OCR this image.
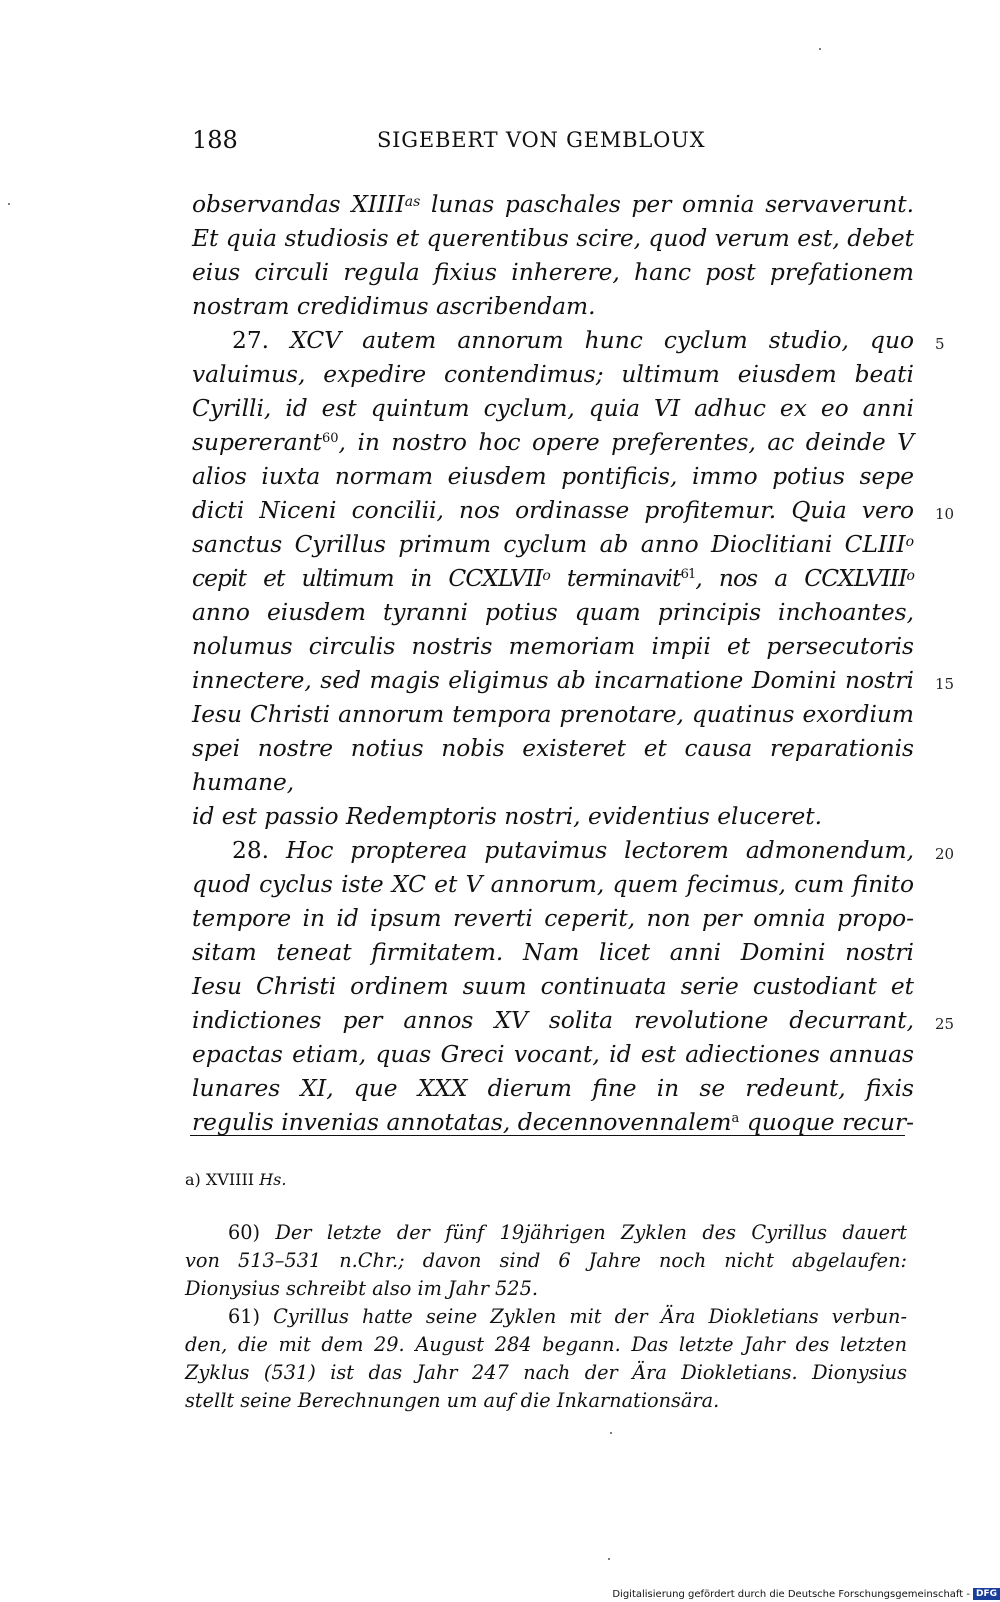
188	SIGEBERT VON GEMBLOUX

observandas $XIIII^{as}$ lunas paschales per omnia servaverunt.

Et quia studiosis et querentibus scire, quod verum est, debet

eius circuli regula fixius inherere, hanc post prefationem

nostram credidimus ascribendam.

27. XCV autem annorum hunc cyclum studio, quo

valuimus, expedire contendimus; ultimum eiusdem beati

Cyrilli, id est quintum cyclum, quia VI adhuc ex eo anni

supererant$^{60}$, in nostro hoc opere preferentes, ac deinde V

alios iuxta normam eiusdem pontificis, immo potius sepe

dicti Niceni concilii, nos ordinasse profitemur. Quia vero

sanctus Cyrillus primum cyclum ab anno Dioclitiani CLIII$^o$

cepit et ultimum in CCXLVII$^o$ terminavit$^{61}$, nos a CCXLVIII$^o$

anno eiusdem tyranni potius quam principis inchoantes,

nolumus circulis nostris memoriam impii et persecutoris

innectere, sed magis eligimus ab incarnatione Domini nostri

Iesu Christi annorum tempora prenotare, quatinus exordium

spei nostre notius nobis existeret et causa reparationis humane,

id est passio Redemptoris nostri, evidentius eluceret.

28. Hoc propterea putavimus lectorem admonendum,

quod cyclus iste XC et V annorum, quem fecimus, cum finito

tempore in id ipsum reverti ceperit, non per omnia propo-

sitam teneat firmitatem. Nam licet anni Domini nostri

Iesu Christi ordinem suum continuata serie custodiant et

indictiones per annos XV solita revolutione decurrant,

epactas etiam, quas Greci vocant, id est adiectiones annuas

lunares XI, que XXX dierum fine in se redeunt, fixis

regulis invenias annotatas, decennovennalem$^a$ quoque recur-

5
10
15
20
25
a) XVIIII Hs.

60) Der letzte der fünf 19jährigen Zyklen des Cyrillus dauert

von 513–531 n.Chr.; davon sind 6 Jahre noch nicht abgelaufen:

Dionysius schreibt also im Jahr 525.

61) Cyrillus hatte seine Zyklen mit der Ära Diokletians verbun-

den, die mit dem 29. August 284 begann. Das letzte Jahr des letzten

Zyklus (531) ist das Jahr 247 nach der Ära Diokletians. Dionysius

stellt seine Berechnungen um auf die Inkarnationsära.

Digitalisierung gefördert durch die Deutsche Forschungsgemeinschaft - DFG
